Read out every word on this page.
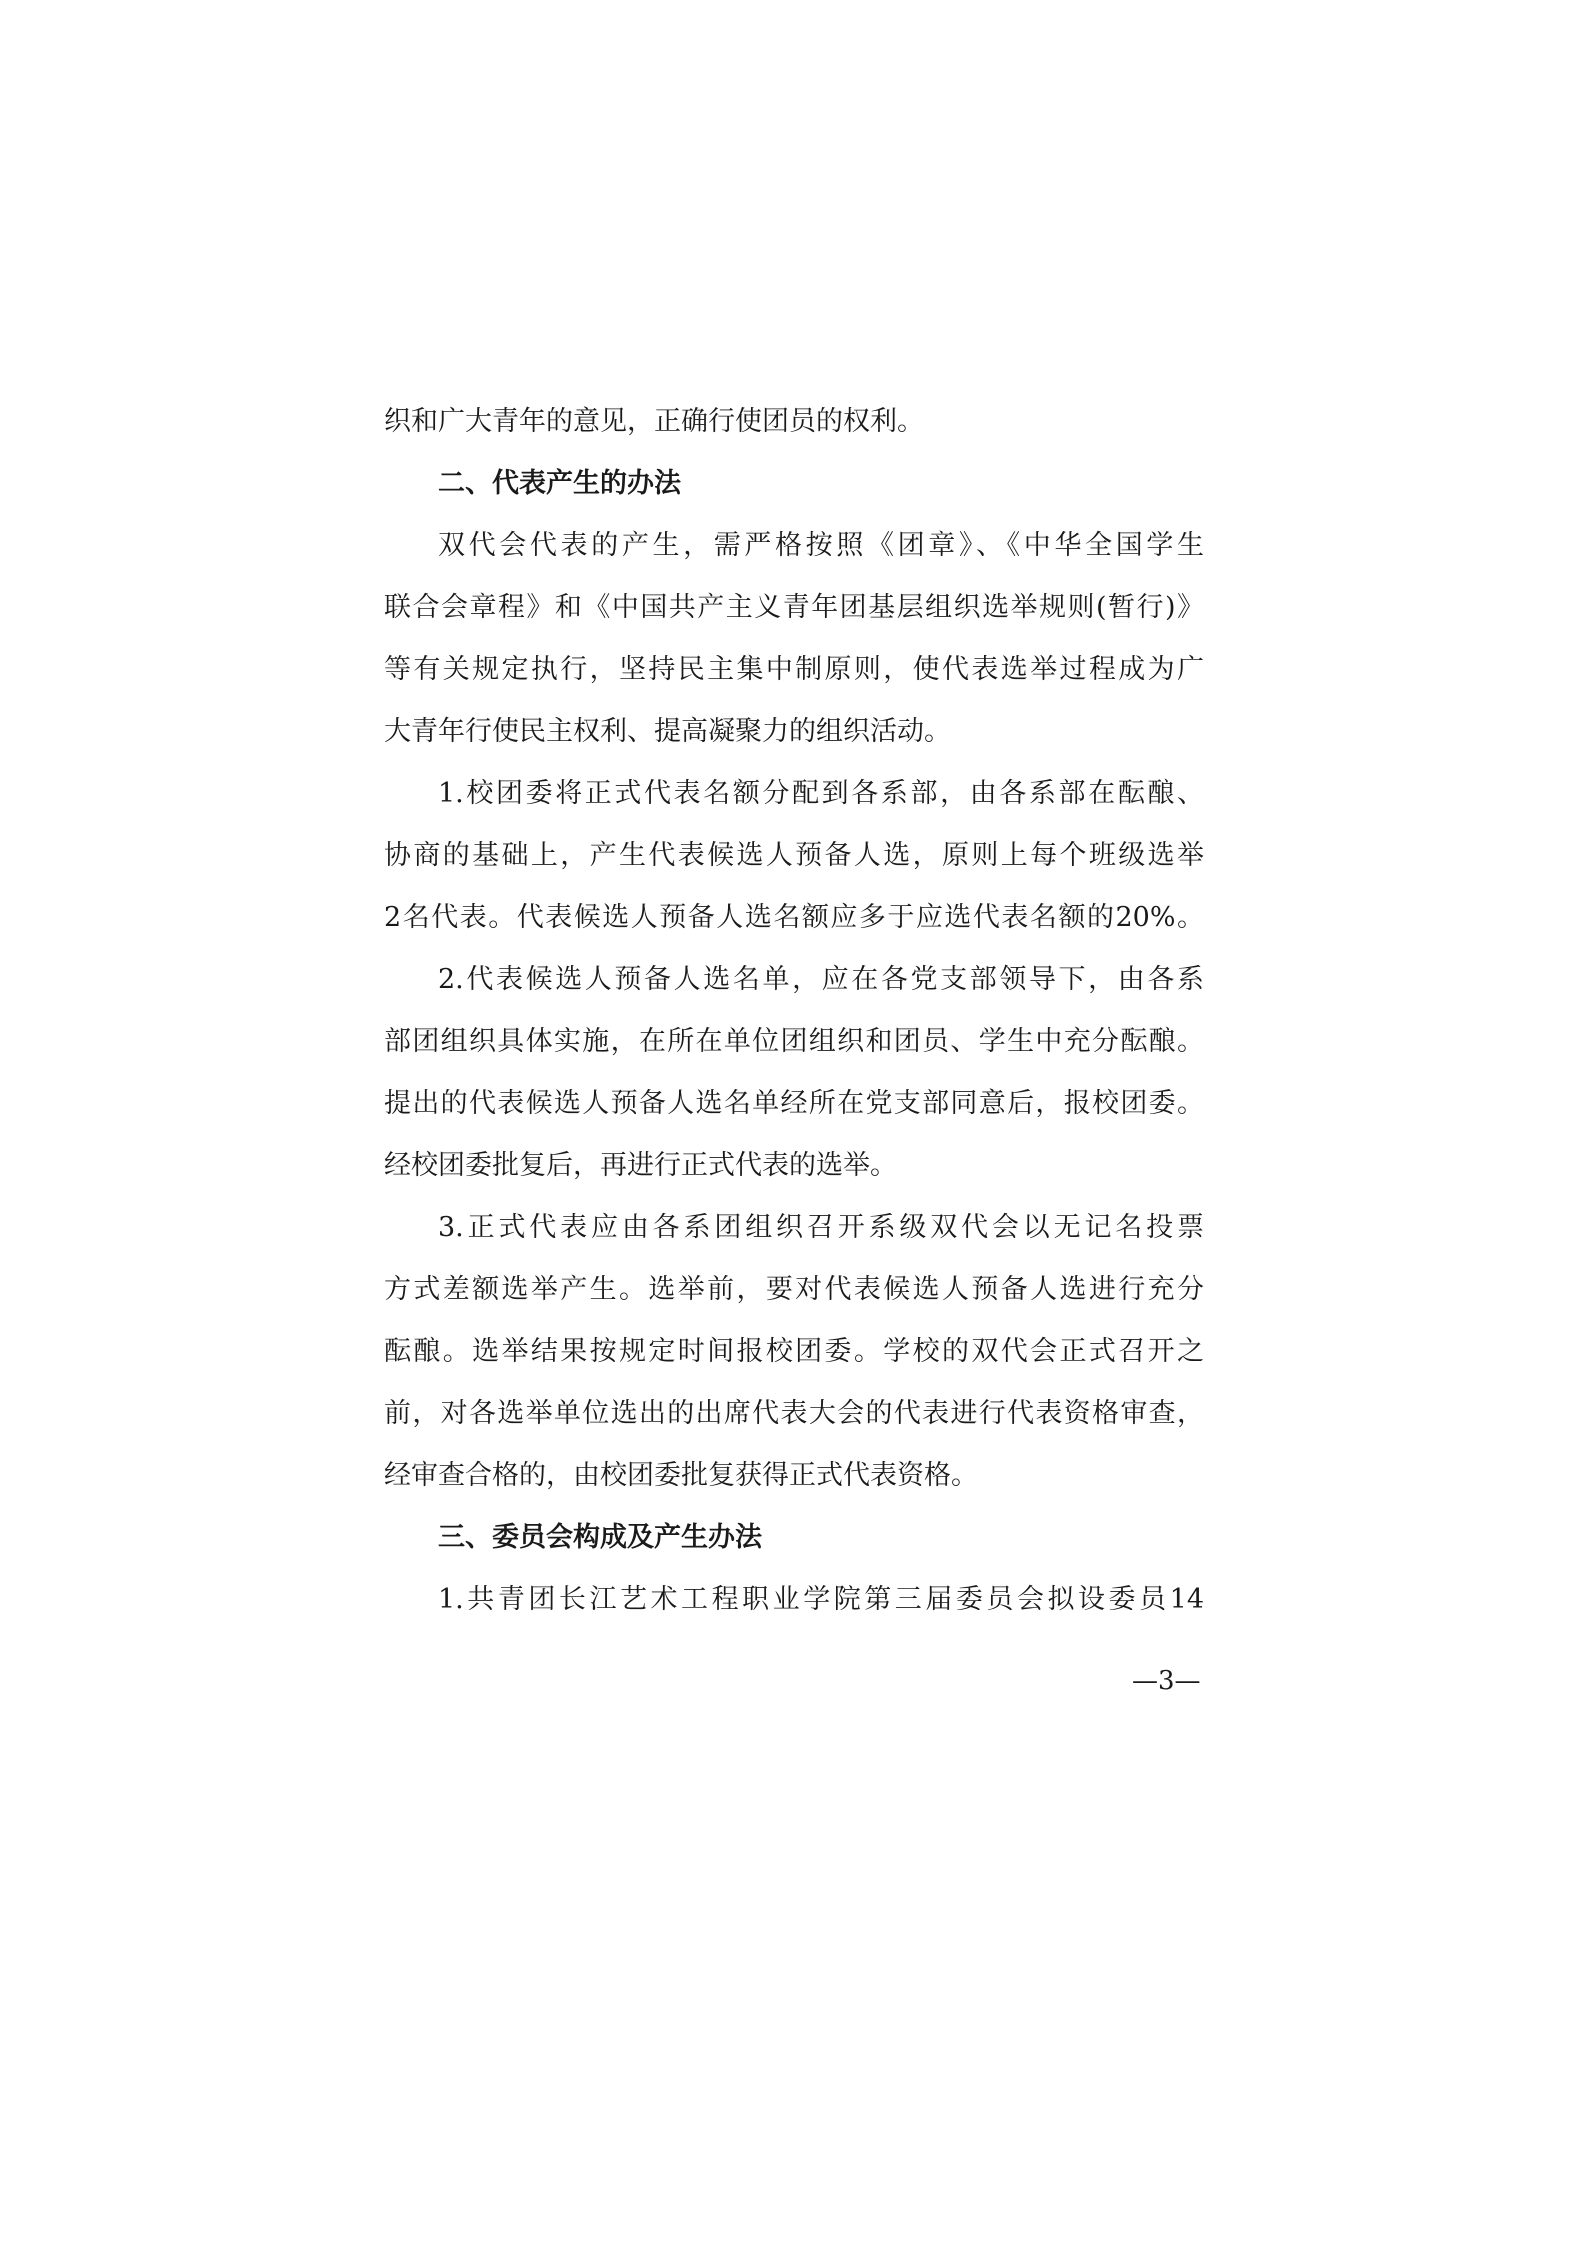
织和广大青年的意见，正确行使团员的权利。
二、代表产生的办法
双代会代表的产生，需严格按照《团章》、《中华全国学生
联合会章程》和《中国共产主义青年团基层组织选举规则(暂行)》
等有关规定执行，坚持民主集中制原则，使代表选举过程成为广
大青年行使民主权利、提高凝聚力的组织活动。
1.校团委将正式代表名额分配到各系部，由各系部在酝酿、
协商的基础上，产生代表候选人预备人选，原则上每个班级选举
2名代表。代表候选人预备人选名额应多于应选代表名额的20%。
2.代表候选人预备人选名单，应在各党支部领导下，由各系
部团组织具体实施，在所在单位团组织和团员、学生中充分酝酿。
提出的代表候选人预备人选名单经所在党支部同意后，报校团委。
经校团委批复后，再进行正式代表的选举。
3.正式代表应由各系团组织召开系级双代会以无记名投票
方式差额选举产生。选举前，要对代表候选人预备人选进行充分
酝酿。选举结果按规定时间报校团委。学校的双代会正式召开之
前，对各选举单位选出的出席代表大会的代表进行代表资格审查，
经审查合格的，由校团委批复获得正式代表资格。
三、委员会构成及产生办法
1.共青团长江艺术工程职业学院第三届委员会拟设委员14
—3—
